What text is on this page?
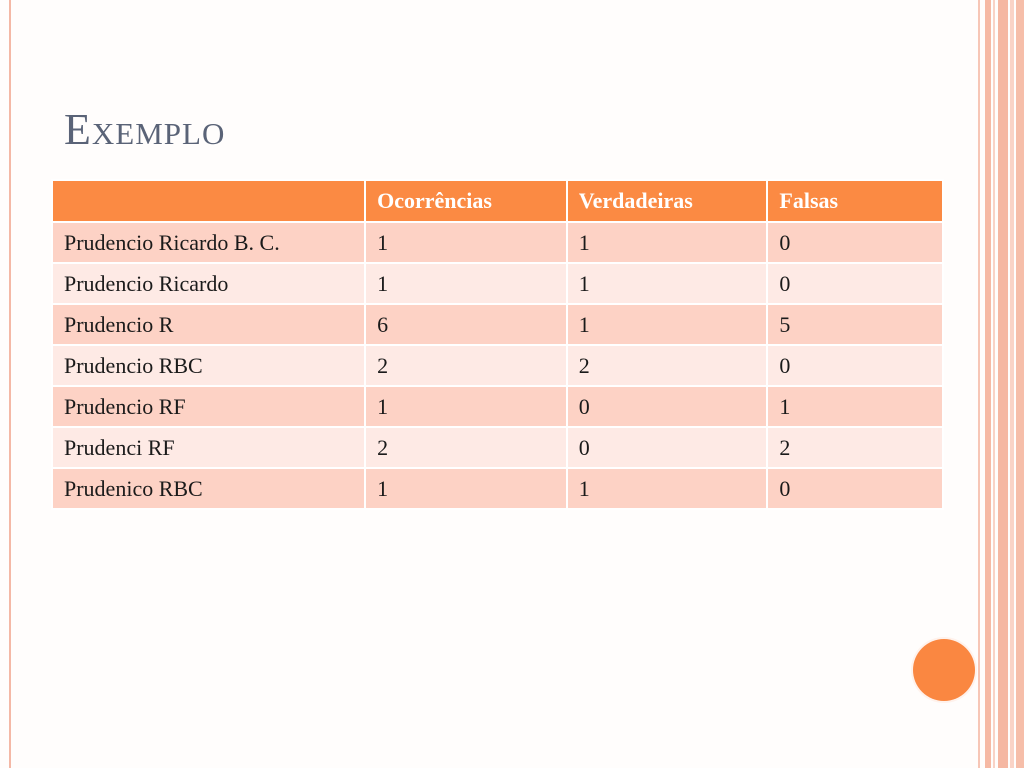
Exemplo
	Ocorrências	Verdadeiras	Falsas
Prudencio Ricardo B. C.	1	1	0
Prudencio Ricardo	1	1	0
Prudencio R	6	1	5
Prudencio RBC	2	2	0
Prudencio RF	1	0	1
Prudenci RF	2	0	2
Prudenico RBC	1	1	0
